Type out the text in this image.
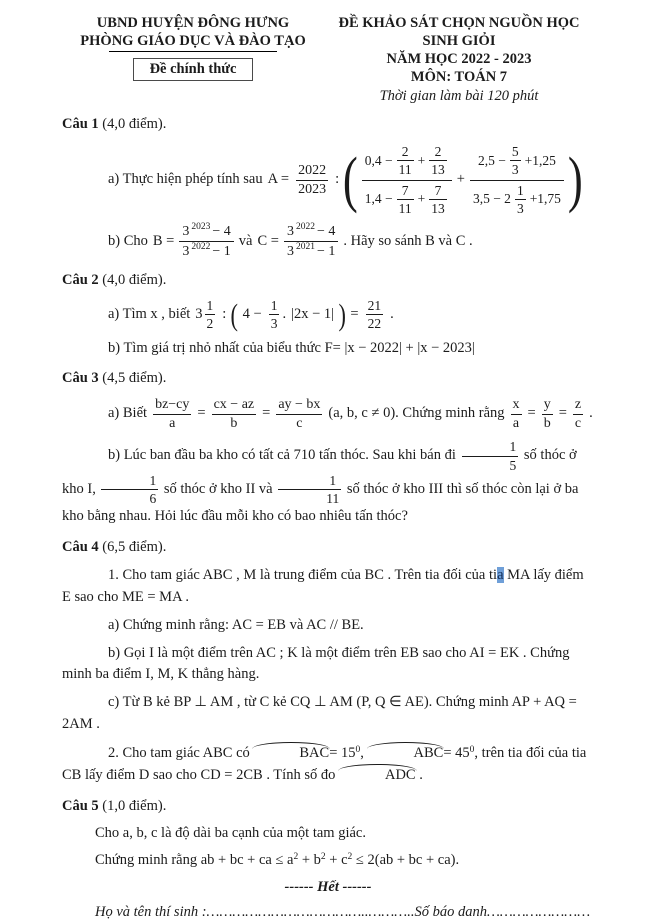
UBND HUYỆN ĐÔNG HƯNG
PHÒNG GIÁO DỤC VÀ ĐÀO TẠO
Đề chính thức
ĐỀ KHẢO SÁT CHỌN NGUỒN HỌC SINH GIỎI
NĂM HỌC 2022 - 2023
MÔN: TOÁN 7
Thời gian làm bài 120 phút

Câu 1 (4,0 điểm).

a) Thực hiện phép tính sau $A = \frac{2022}{2023}$ : ( $0,4 - \frac{2}{11} + \frac{2}{13}$
$1,4 - \frac{7}{11} + \frac{7}{13}$
+
$2,5 - \frac{5}{3} +1,25$
$3,5 - 2 \frac{1}{3} +1,75$ )
b) Cho B =
3 2023 − 4
3 2022 − 1
và C =
3 2022 − 4
3 2021 − 1
. Hãy so sánh B và C .

Câu 2 (4,0 điểm).

a) Tìm x , biết $3 \frac{1}{2}$ : ( $4 - \frac{1}{3}$ . |2x − 1| ) = $\frac{21}{22}$ .

b) Tìm giá trị nhỏ nhất của biểu thức F= |x − 2022| + |x − 2023|

Câu 3 (4,5 điểm).

a) Biết $\frac{bz-cy}{a} = \frac{cx - az}{b} = \frac{ay - bx}{c} (a$, b, c ≠ 0). Chứng minh rằng $\frac{x}{a} = \frac{y}{b} = \frac{z}{c}$ .

b) Lúc ban đầu ba kho có tất cả 710 tấn thóc. Sau khi bán đi $\frac{1}{5}$ số thóc ở kho I, $\frac{1}{6}$ số thóc ở kho II và $\frac{1}{11}$ số thóc ở kho III thì số thóc còn lại ở ba kho bằng nhau. Hỏi lúc đầu mỗi kho có bao nhiêu tấn thóc?

Câu 4 (6,5 điểm).

1. Cho tam giác ABC , M là trung điểm của BC . Trên tia đối của tia MA lấy điểm E sao cho ME = MA .

a) Chứng minh rằng: AC = EB và AC // BE.

b) Gọi I là một điểm trên AC ; K là một điểm trên EB sao cho AI = EK . Chứng minh ba điểm I, M, K thẳng hàng.

c) Từ B kẻ BP ⊥ AM , từ C kẻ CQ ⊥ AM (P, Q ∈ AE). Chứng minh AP + AQ = 2AM .

2. Cho tam giác ABC có	$BAC= 15^0$,	$ABC= 45^0$, trên tia đối của tia CB lấy điểm D sao cho CD = 2CB . Tính số đo	ADC .

Câu 5 (1,0 điểm).

Cho a, b, c là độ dài ba cạnh của một tam giác.

Chứng minh rằng ab + bc + ca ≤ $a^2 + b^2 + c^2 \le 2(ab$ + bc + ca).

------ Hết ------

Họ và tên thí sinh :………………………………..………..Số báo danh……………………
